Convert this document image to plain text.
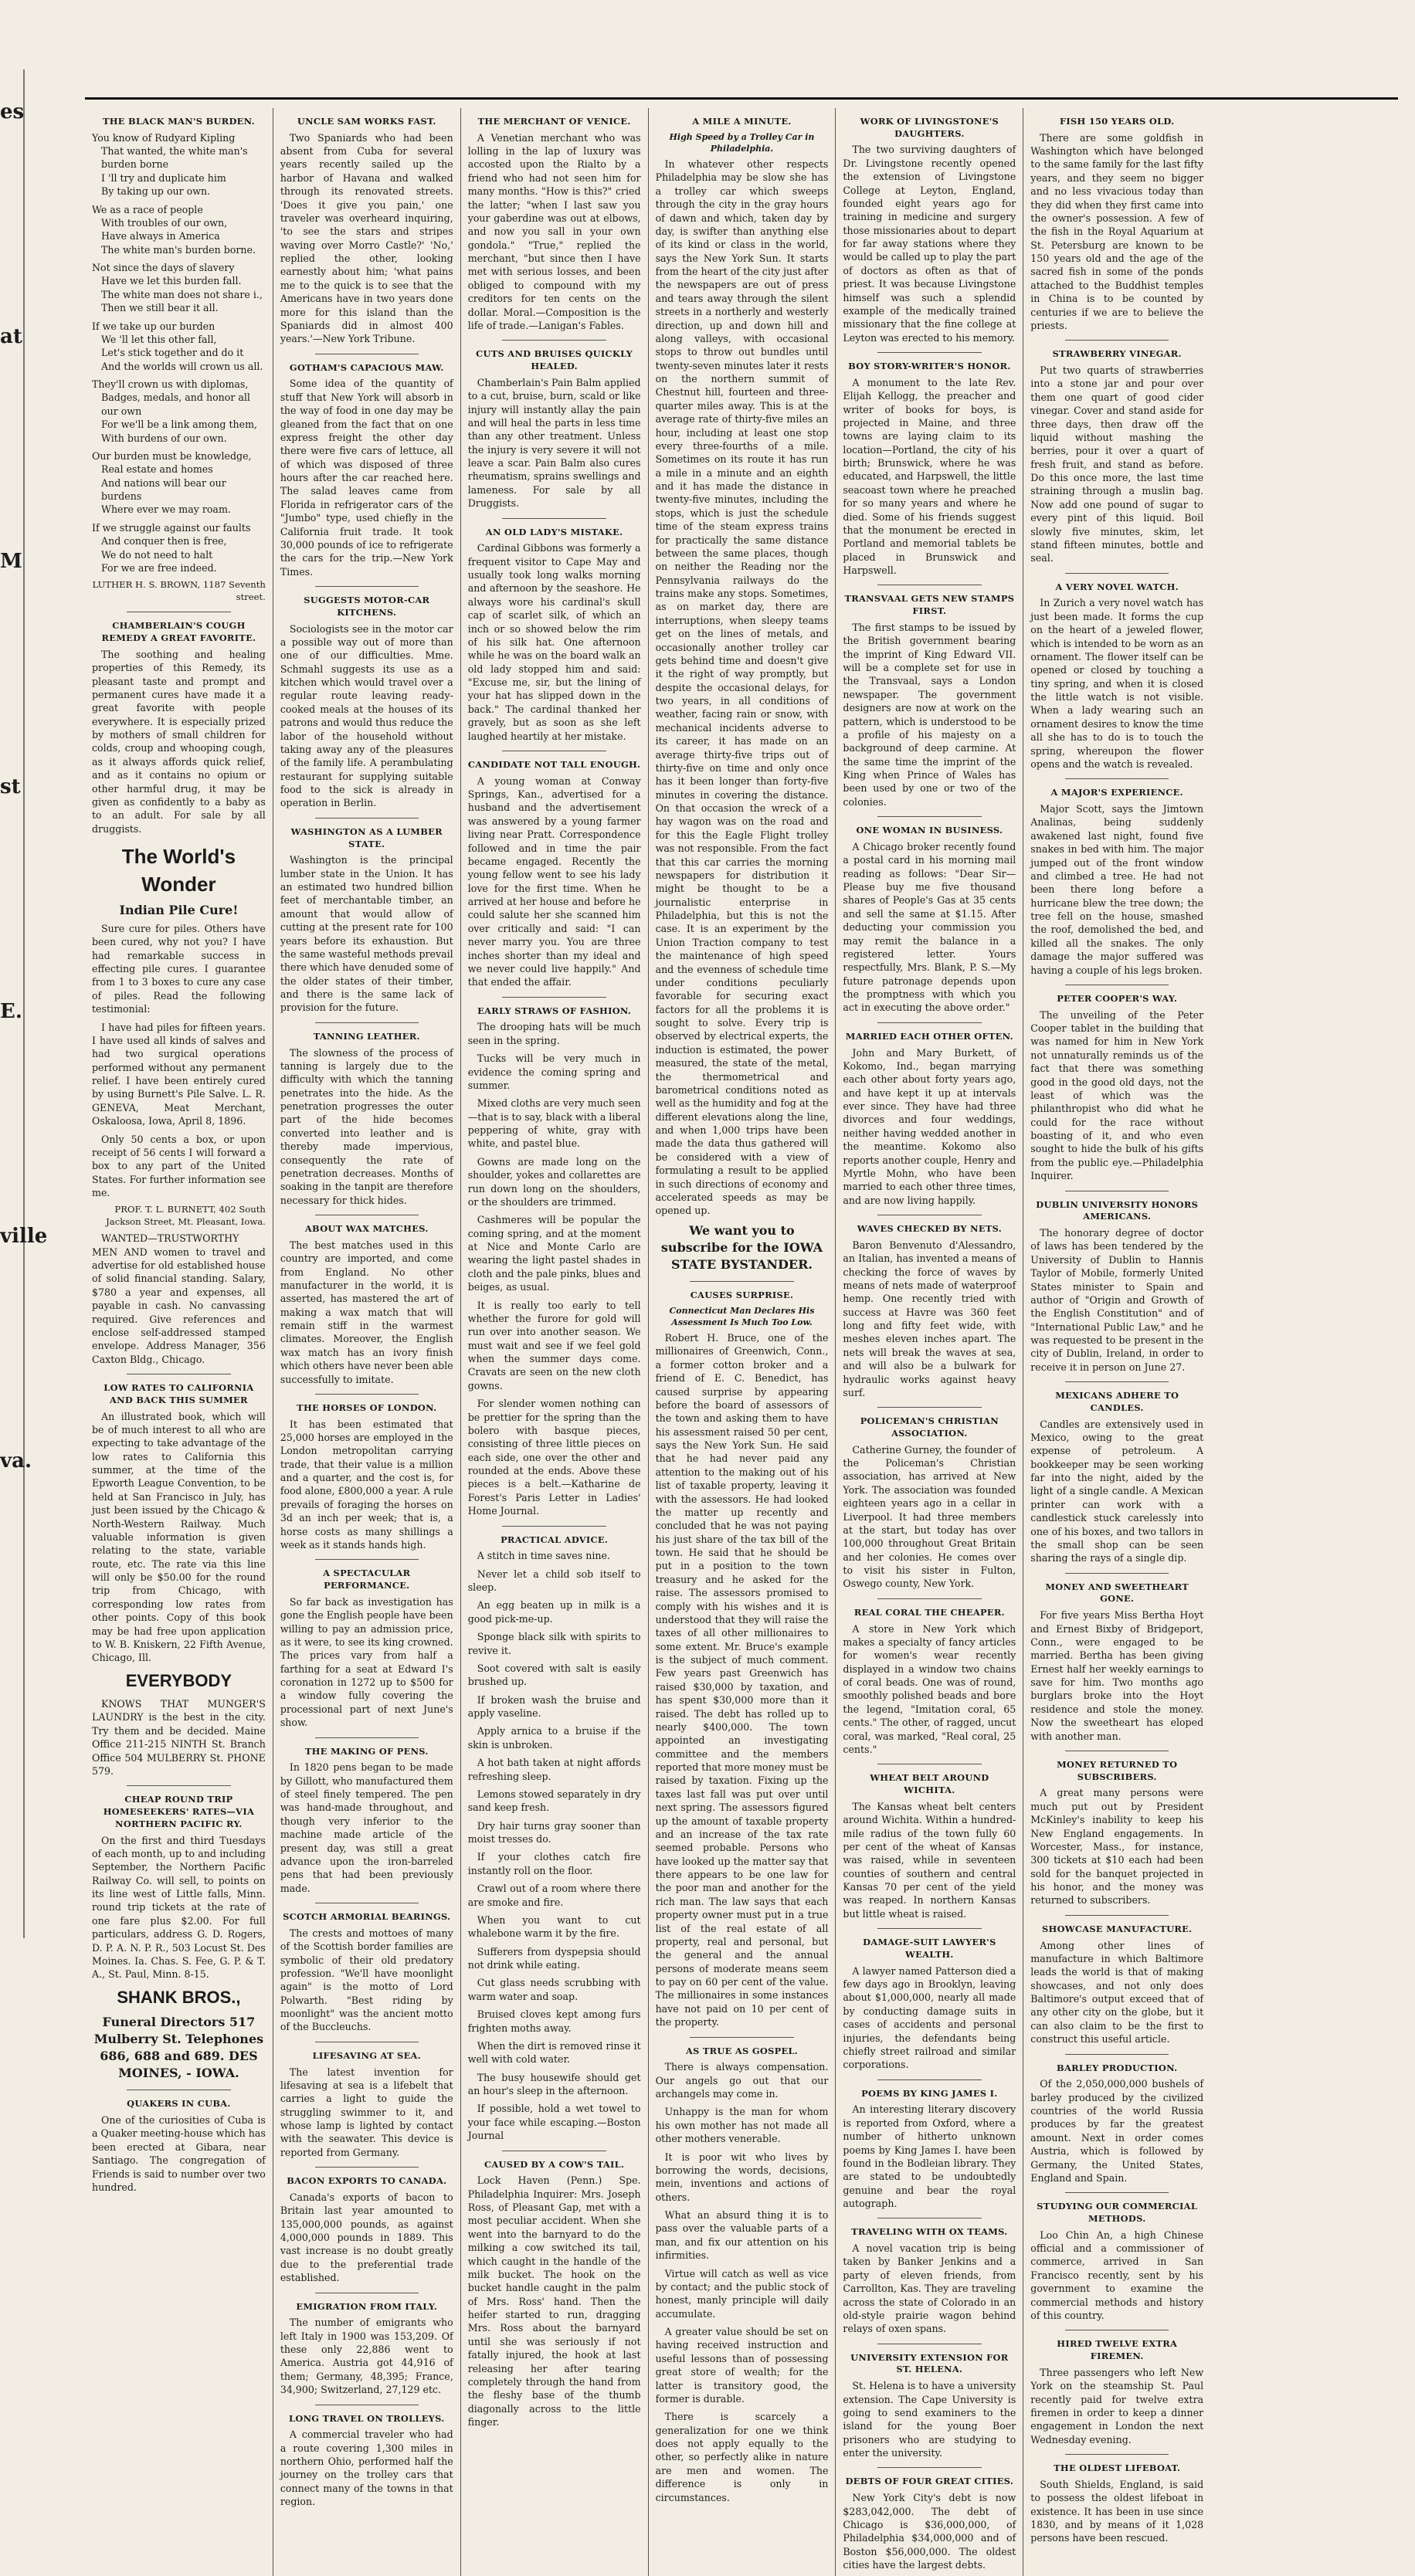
es
at
M
st
E.
ville
va.
THE BLACK MAN'S BURDEN.
You know of Rudyard Kipling
That wanted, the white man's burden borne
I 'll try and duplicate him
By taking up our own.
We as a race of people
With troubles of our own,
Have always in America
The white man's burden borne.
Not since the days of slavery
Have we let this burden fall.
The white man does not share i.,
Then we still bear it all.
If we take up our burden
We 'll let this other fall,
Let's stick together and do it
And the worlds will crown us all.
They'll crown us with diplomas,
Badges, medals, and honor all our own
For we'll be a link among them,
With burdens of our own.
Our burden must be knowledge,
Real estate and homes
And nations will bear our burdens
Where ever we may roam.
If we struggle against our faults
And conquer then is free,
We do not need to halt
For we are free indeed.
LUTHER H. S. BROWN, 1187 Seventh street.
CHAMBERLAIN'S COUGH REMEDY A GREAT FAVORITE.
The soothing and healing properties of this Remedy, its pleasant taste and prompt and permanent cures have made it a great favorite with people everywhere. It is especially prized by mothers of small children for colds, croup and whooping cough, as it always affords quick relief, and as it contains no opium or other harmful drug, it may be given as confidently to a baby as to an adult. For sale by all druggists.
The World's Wonder
Indian Pile Cure!
Sure cure for piles. Others have been cured, why not you? I have had remarkable success in effecting pile cures. I guarantee from 1 to 3 boxes to cure any case of piles. Read the following testimonial:
I have had piles for fifteen years. I have used all kinds of salves and had two surgical operations performed without any permanent relief. I have been entirely cured by using Burnett's Pile Salve. L. R. GENEVA, Meat Merchant, Oskaloosa, Iowa, April 8, 1896.
Only 50 cents a box, or upon receipt of 56 cents I will forward a box to any part of the United States. For further information see me.
PROF. T. L. BURNETT, 402 South Jackson Street, Mt. Pleasant, Iowa.
WANTED—TRUSTWORTHY MEN AND women to travel and advertise for old established house of solid financial standing. Salary, $780 a year and expenses, all payable in cash. No canvassing required. Give references and enclose self-addressed stamped envelope. Address Manager, 356 Caxton Bldg., Chicago.
LOW RATES TO CALIFORNIA AND BACK THIS SUMMER
An illustrated book, which will be of much interest to all who are expecting to take advantage of the low rates to California this summer, at the time of the Epworth League Convention, to be held at San Francisco in July, has just been issued by the Chicago & North-Western Railway. Much valuable information is given relating to the state, variable route, etc. The rate via this line will only be $50.00 for the round trip from Chicago, with corresponding low rates from other points. Copy of this book may be had free upon application to W. B. Kniskern, 22 Fifth Avenue, Chicago, Ill.
EVERYBODY
KNOWS THAT MUNGER'S LAUNDRY is the best in the city. Try them and be decided. Maine Office 211-215 NINTH St. Branch Office 504 MULBERRY St. PHONE 579.
CHEAP ROUND TRIP HOMESEEKERS' RATES—VIA NORTHERN PACIFIC RY.
On the first and third Tuesdays of each month, up to and including September, the Northern Pacific Railway Co. will sell, to points on its line west of Little falls, Minn. round trip tickets at the rate of one fare plus $2.00. For full particulars, address G. D. Rogers, D. P. A. N. P. R., 503 Locust St. Des Moines. Ia. Chas. S. Fee, G. P. & T. A., St. Paul, Minn. 8-15.
SHANK BROS.,
Funeral Directors 517 Mulberry St. Telephones 686, 688 and 689. DES MOINES, - IOWA.
QUAKERS IN CUBA.
One of the curiosities of Cuba is a Quaker meeting-house which has been erected at Gibara, near Santiago. The congregation of Friends is said to number over two hundred.
UNCLE SAM WORKS FAST.
Two Spaniards who had been absent from Cuba for several years recently sailed up the harbor of Havana and walked through its renovated streets. 'Does it give you pain,' one traveler was overheard inquiring, 'to see the stars and stripes waving over Morro Castle?' 'No,' replied the other, looking earnestly about him; 'what pains me to the quick is to see that the Americans have in two years done more for this island than the Spaniards did in almost 400 years.'—New York Tribune.
GOTHAM'S CAPACIOUS MAW.
Some idea of the quantity of stuff that New York will absorb in the way of food in one day may be gleaned from the fact that on one express freight the other day there were five cars of lettuce, all of which was disposed of three hours after the car reached here. The salad leaves came from Florida in refrigerator cars of the "Jumbo" type, used chiefly in the California fruit trade. It took 30,000 pounds of ice to refrigerate the cars for the trip.—New York Times.
SUGGESTS MOTOR-CAR KITCHENS.
Sociologists see in the motor car a possible way out of more than one of our difficulties. Mme. Schmahl suggests its use as a kitchen which would travel over a regular route leaving ready-cooked meals at the houses of its patrons and would thus reduce the labor of the household without taking away any of the pleasures of the family life. A perambulating restaurant for supplying suitable food to the sick is already in operation in Berlin.
WASHINGTON AS A LUMBER STATE.
Washington is the principal lumber state in the Union. It has an estimated two hundred billion feet of merchantable timber, an amount that would allow of cutting at the present rate for 100 years before its exhaustion. But the same wasteful methods prevail there which have denuded some of the older states of their timber, and there is the same lack of provision for the future.
TANNING LEATHER.
The slowness of the process of tanning is largely due to the difficulty with which the tanning penetrates into the hide. As the penetration progresses the outer part of the hide becomes converted into leather and is thereby made impervious, consequently the rate of penetration decreases. Months of soaking in the tanpit are therefore necessary for thick hides.
ABOUT WAX MATCHES.
The best matches used in this country are imported, and come from England. No other manufacturer in the world, it is asserted, has mastered the art of making a wax match that will remain stiff in the warmest climates. Moreover, the English wax match has an ivory finish which others have never been able successfully to imitate.
THE HORSES OF LONDON.
It has been estimated that 25,000 horses are employed in the London metropolitan carrying trade, that their value is a million and a quarter, and the cost is, for food alone, £800,000 a year. A rule prevails of foraging the horses on 3d an inch per week; that is, a horse costs as many shillings a week as it stands hands high.
A SPECTACULAR PERFORMANCE.
So far back as investigation has gone the English people have been willing to pay an admission price, as it were, to see its king crowned. The prices vary from half a farthing for a seat at Edward I's coronation in 1272 up to $500 for a window fully covering the processional part of next June's show.
THE MAKING OF PENS.
In 1820 pens began to be made by Gillott, who manufactured them of steel finely tempered. The pen was hand-made throughout, and though very inferior to the machine made article of the present day, was still a great advance upon the iron-barreled pens that had been previously made.
SCOTCH ARMORIAL BEARINGS.
The crests and mottoes of many of the Scottish border families are symbolic of their old predatory profession. "We'll have moonlight again" is the motto of Lord Polwarth. "Best riding by moonlight" was the ancient motto of the Buccleuchs.
LIFESAVING AT SEA.
The latest invention for lifesaving at sea is a lifebelt that carries a light to guide the struggling swimmer to it, and whose lamp is lighted by contact with the seawater. This device is reported from Germany.
BACON EXPORTS TO CANADA.
Canada's exports of bacon to Britain last year amounted to 135,000,000 pounds, as against 4,000,000 pounds in 1889. This vast increase is no doubt greatly due to the preferential trade established.
EMIGRATION FROM ITALY.
The number of emigrants who left Italy in 1900 was 153,209. Of these only 22,886 went to America. Austria got 44,916 of them; Germany, 48,395; France, 34,900; Switzerland, 27,129 etc.
LONG TRAVEL ON TROLLEYS.
A commercial traveler who had a route covering 1,300 miles in northern Ohio, performed half the journey on the trolley cars that connect many of the towns in that region.
THE MERCHANT OF VENICE.
A Venetian merchant who was lolling in the lap of luxury was accosted upon the Rialto by a friend who had not seen him for many months. "How is this?" cried the latter; "when I last saw you your gaberdine was out at elbows, and now you sall in your own gondola." "True," replied the merchant, "but since then I have met with serious losses, and been obliged to compound with my creditors for ten cents on the dollar. Moral.—Composition is the life of trade.—Lanigan's Fables.
CUTS AND BRUISES QUICKLY HEALED.
Chamberlain's Pain Balm applied to a cut, bruise, burn, scald or like injury will instantly allay the pain and will heal the parts in less time than any other treatment. Unless the injury is very severe it will not leave a scar. Pain Balm also cures rheumatism, sprains swellings and lameness. For sale by all Druggists.
AN OLD LADY'S MISTAKE.
Cardinal Gibbons was formerly a frequent visitor to Cape May and usually took long walks morning and afternoon by the seashore. He always wore his cardinal's skull cap of scarlet silk, of which an inch or so showed below the rim of his silk hat. One afternoon while he was on the board walk an old lady stopped him and said: "Excuse me, sir, but the lining of your hat has slipped down in the back." The cardinal thanked her gravely, but as soon as she left laughed heartily at her mistake.
CANDIDATE NOT TALL ENOUGH.
A young woman at Conway Springs, Kan., advertised for a husband and the advertisement was answered by a young farmer living near Pratt. Correspondence followed and in time the pair became engaged. Recently the young fellow went to see his lady love for the first time. When he arrived at her house and before he could salute her she scanned him over critically and said: "I can never marry you. You are three inches shorter than my ideal and we never could live happily." And that ended the affair.
EARLY STRAWS OF FASHION.
The drooping hats will be much seen in the spring.
Tucks will be very much in evidence the coming spring and summer.
Mixed cloths are very much seen—that is to say, black with a liberal peppering of white, gray with white, and pastel blue.
Gowns are made long on the shoulder, yokes and collarettes are run down long on the shoulders, or the shoulders are trimmed.
Cashmeres will be popular the coming spring, and at the moment at Nice and Monte Carlo are wearing the light pastel shades in cloth and the pale pinks, blues and beiges, as usual.
It is really too early to tell whether the furore for gold will run over into another season. We must wait and see if we feel gold when the summer days come. Cravats are seen on the new cloth gowns.
For slender women nothing can be prettier for the spring than the bolero with basque pieces, consisting of three little pieces on each side, one over the other and rounded at the ends. Above these pieces is a belt.—Katharine de Forest's Paris Letter in Ladies' Home Journal.
PRACTICAL ADVICE.
A stitch in time saves nine.
Never let a child sob itself to sleep.
An egg beaten up in milk is a good pick-me-up.
Sponge black silk with spirits to revive it.
Soot covered with salt is easily brushed up.
If broken wash the bruise and apply vaseline.
Apply arnica to a bruise if the skin is unbroken.
A hot bath taken at night affords refreshing sleep.
Lemons stowed separately in dry sand keep fresh.
Dry hair turns gray sooner than moist tresses do.
If your clothes catch fire instantly roll on the floor.
Crawl out of a room where there are smoke and fire.
When you want to cut whalebone warm it by the fire.
Sufferers from dyspepsia should not drink while eating.
Cut glass needs scrubbing with warm water and soap.
Bruised cloves kept among furs frighten moths away.
When the dirt is removed rinse it well with cold water.
The busy housewife should get an hour's sleep in the afternoon.
If possible, hold a wet towel to your face while escaping.—Boston Journal
CAUSED BY A COW'S TAIL.
Lock Haven (Penn.) Spe. Philadelphia Inquirer: Mrs. Joseph Ross, of Pleasant Gap, met with a most peculiar accident. When she went into the barnyard to do the milking a cow switched its tail, which caught in the handle of the milk bucket. The hook on the bucket handle caught in the palm of Mrs. Ross' hand. Then the heifer started to run, dragging Mrs. Ross about the barnyard until she was seriously if not fatally injured, the hook at last releasing her after tearing completely through the hand from the fleshy base of the thumb diagonally across to the little finger.
A MILE A MINUTE.
High Speed by a Trolley Car in Philadelphia.
In whatever other respects Philadelphia may be slow she has a trolley car which sweeps through the city in the gray hours of dawn and which, taken day by day, is swifter than anything else of its kind or class in the world, says the New York Sun. It starts from the heart of the city just after the newspapers are out of press and tears away through the silent streets in a northerly and westerly direction, up and down hill and along valleys, with occasional stops to throw out bundles until twenty-seven minutes later it rests on the northern summit of Chestnut hill, fourteen and three-quarter miles away. This is at the average rate of thirty-five miles an hour, including at least one stop every three-fourths of a mile. Sometimes on its route it has run a mile in a minute and an eighth and it has made the distance in twenty-five minutes, including the stops, which is just the schedule time of the steam express trains for practically the same distance between the same places, though on neither the Reading nor the Pennsylvania railways do the trains make any stops. Sometimes, as on market day, there are interruptions, when sleepy teams get on the lines of metals, and occasionally another trolley car gets behind time and doesn't give it the right of way promptly, but despite the occasional delays, for two years, in all conditions of weather, facing rain or snow, with mechanical incidents adverse to its career, it has made on an average thirty-five trips out of thirty-five on time and only once has it been longer than forty-five minutes in covering the distance. On that occasion the wreck of a hay wagon was on the road and for this the Eagle Flight trolley was not responsible. From the fact that this car carries the morning newspapers for distribution it might be thought to be a journalistic enterprise in Philadelphia, but this is not the case. It is an experiment by the Union Traction company to test the maintenance of high speed and the evenness of schedule time under conditions peculiarly favorable for securing exact factors for all the problems it is sought to solve. Every trip is observed by electrical experts, the induction is estimated, the power measured, the state of the metal, the thermometrical and barometrical conditions noted as well as the humidity and fog at the different elevations along the line, and when 1,000 trips have been made the data thus gathered will be considered with a view of formulating a result to be applied in such directions of economy and accelerated speeds as may be opened up.
We want you to subscribe for the IOWA STATE BYSTANDER.
CAUSES SURPRISE.
Connecticut Man Declares His Assessment Is Much Too Low.
Robert H. Bruce, one of the millionaires of Greenwich, Conn., a former cotton broker and a friend of E. C. Benedict, has caused surprise by appearing before the board of assessors of the town and asking them to have his assessment raised 50 per cent, says the New York Sun. He said that he had never paid any attention to the making out of his list of taxable property, leaving it with the assessors. He had looked the matter up recently and concluded that he was not paying his just share of the tax bill of the town. He said that he should be put in a position to the town treasury and he asked for the raise. The assessors promised to comply with his wishes and it is understood that they will raise the taxes of all other millionaires to some extent. Mr. Bruce's example is the subject of much comment. Few years past Greenwich has raised $30,000 by taxation, and has spent $30,000 more than it raised. The debt has rolled up to nearly $400,000. The town appointed an investigating committee and the members reported that more money must be raised by taxation. Fixing up the taxes last fall was put over until next spring. The assessors figured up the amount of taxable property and an increase of the tax rate seemed probable. Persons who have looked up the matter say that there appears to be one law for the poor man and another for the rich man. The law says that each property owner must put in a true list of the real estate of all property, real and personal, but the general and the annual persons of moderate means seem to pay on 60 per cent of the value. The millionaires in some instances have not paid on 10 per cent of the property.
AS TRUE AS GOSPEL.
There is always compensation. Our angels go out that our archangels may come in.
Unhappy is the man for whom his own mother has not made all other mothers venerable.
It is poor wit who lives by borrowing the words, decisions, mein, inventions and actions of others.
What an absurd thing it is to pass over the valuable parts of a man, and fix our attention on his infirmities.
Virtue will catch as well as vice by contact; and the public stock of honest, manly principle will daily accumulate.
A greater value should be set on having received instruction and useful lessons than of possessing great store of wealth; for the latter is transitory good, the former is durable.
There is scarcely a generalization for one we think does not apply equally to the other, so perfectly alike in nature are men and women. The difference is only in circumstances.
WORK OF LIVINGSTONE'S DAUGHTERS.
The two surviving daughters of Dr. Livingstone recently opened the extension of Livingstone College at Leyton, England, founded eight years ago for training in medicine and surgery those missionaries about to depart for far away stations where they would be called up to play the part of doctors as often as that of priest. It was because Livingstone himself was such a splendid example of the medically trained missionary that the fine college at Leyton was erected to his memory.
BOY STORY-WRITER'S HONOR.
A monument to the late Rev. Elijah Kellogg, the preacher and writer of books for boys, is projected in Maine, and three towns are laying claim to its location—Portland, the city of his birth; Brunswick, where he was educated, and Harpswell, the little seacoast town where he preached for so many years and where he died. Some of his friends suggest that the monument be erected in Portland and memorial tablets be placed in Brunswick and Harpswell.
TRANSVAAL GETS NEW STAMPS FIRST.
The first stamps to be issued by the British government bearing the imprint of King Edward VII. will be a complete set for use in the Transvaal, says a London newspaper. The government designers are now at work on the pattern, which is understood to be a profile of his majesty on a background of deep carmine. At the same time the imprint of the King when Prince of Wales has been used by one or two of the colonies.
ONE WOMAN IN BUSINESS.
A Chicago broker recently found a postal card in his morning mail reading as follows: "Dear Sir—Please buy me five thousand shares of People's Gas at 35 cents and sell the same at $1.15. After deducting your commission you may remit the balance in a registered letter. Yours respectfully, Mrs. Blank, P. S.—My future patronage depends upon the promptness with which you act in executing the above order."
MARRIED EACH OTHER OFTEN.
John and Mary Burkett, of Kokomo, Ind., began marrying each other about forty years ago, and have kept it up at intervals ever since. They have had three divorces and four weddings, neither having wedded another in the meantime. Kokomo also reports another couple, Henry and Myrtle Mohn, who have been married to each other three times, and are now living happily.
WAVES CHECKED BY NETS.
Baron Benvenuto d'Alessandro, an Italian, has invented a means of checking the force of waves by means of nets made of waterproof hemp. One recently tried with success at Havre was 360 feet long and fifty feet wide, with meshes eleven inches apart. The nets will break the waves at sea, and will also be a bulwark for hydraulic works against heavy surf.
POLICEMAN'S CHRISTIAN ASSOCIATION.
Catherine Gurney, the founder of the Policeman's Christian association, has arrived at New York. The association was founded eighteen years ago in a cellar in Liverpool. It had three members at the start, but today has over 100,000 throughout Great Britain and her colonies. He comes over to visit his sister in Fulton, Oswego county, New York.
REAL CORAL THE CHEAPER.
A store in New York which makes a specialty of fancy articles for women's wear recently displayed in a window two chains of coral beads. One was of round, smoothly polished beads and bore the legend, "Imitation coral, 65 cents." The other, of ragged, uncut coral, was marked, "Real coral, 25 cents."
WHEAT BELT AROUND WICHITA.
The Kansas wheat belt centers around Wichita. Within a hundred-mile radius of the town fully 60 per cent of the wheat of Kansas was raised, while in seventeen counties of southern and central Kansas 70 per cent of the yield was reaped. In northern Kansas but little wheat is raised.
DAMAGE-SUIT LAWYER'S WEALTH.
A lawyer named Patterson died a few days ago in Brooklyn, leaving about $1,000,000, nearly all made by conducting damage suits in cases of accidents and personal injuries, the defendants being chiefly street railroad and similar corporations.
POEMS BY KING JAMES I.
An interesting literary discovery is reported from Oxford, where a number of hitherto unknown poems by King James I. have been found in the Bodleian library. They are stated to be undoubtedly genuine and bear the royal autograph.
TRAVELING WITH OX TEAMS.
A novel vacation trip is being taken by Banker Jenkins and a party of eleven friends, from Carrollton, Kas. They are traveling across the state of Colorado in an old-style prairie wagon behind relays of oxen spans.
UNIVERSITY EXTENSION FOR ST. HELENA.
St. Helena is to have a university extension. The Cape University is going to send examiners to the island for the young Boer prisoners who are studying to enter the university.
DEBTS OF FOUR GREAT CITIES.
New York City's debt is now $283,042,000. The debt of Chicago is $36,000,000, of Philadelphia $34,000,000 and of Boston $56,000,000. The oldest cities have the largest debts.
FISH 150 YEARS OLD.
There are some goldfish in Washington which have belonged to the same family for the last fifty years, and they seem no bigger and no less vivacious today than they did when they first came into the owner's possession. A few of the fish in the Royal Aquarium at St. Petersburg are known to be 150 years old and the age of the sacred fish in some of the ponds attached to the Buddhist temples in China is to be counted by centuries if we are to believe the priests.
STRAWBERRY VINEGAR.
Put two quarts of strawberries into a stone jar and pour over them one quart of good cider vinegar. Cover and stand aside for three days, then draw off the liquid without mashing the berries, pour it over a quart of fresh fruit, and stand as before. Do this once more, the last time straining through a muslin bag. Now add one pound of sugar to every pint of this liquid. Boil slowly five minutes, skim, let stand fifteen minutes, bottle and seal.
A VERY NOVEL WATCH.
In Zurich a very novel watch has just been made. It forms the cup on the heart of a jeweled flower, which is intended to be worn as an ornament. The flower itself can be opened or closed by touching a tiny spring, and when it is closed the little watch is not visible. When a lady wearing such an ornament desires to know the time all she has to do is to touch the spring, whereupon the flower opens and the watch is revealed.
A MAJOR'S EXPERIENCE.
Major Scott, says the Jimtown Analinas, being suddenly awakened last night, found five snakes in bed with him. The major jumped out of the front window and climbed a tree. He had not been there long before a hurricane blew the tree down; the tree fell on the house, smashed the roof, demolished the bed, and killed all the snakes. The only damage the major suffered was having a couple of his legs broken.
PETER COOPER'S WAY.
The unveiling of the Peter Cooper tablet in the building that was named for him in New York not unnaturally reminds us of the fact that there was something good in the good old days, not the least of which was the philanthropist who did what he could for the race without boasting of it, and who even sought to hide the bulk of his gifts from the public eye.—Philadelphia Inquirer.
DUBLIN UNIVERSITY HONORS AMERICANS.
The honorary degree of doctor of laws has been tendered by the University of Dublin to Hannis Taylor of Mobile, formerly United States minister to Spain and author of "Origin and Growth of the English Constitution" and of "International Public Law," and he was requested to be present in the city of Dublin, Ireland, in order to receive it in person on June 27.
MEXICANS ADHERE TO CANDLES.
Candles are extensively used in Mexico, owing to the great expense of petroleum. A bookkeeper may be seen working far into the night, aided by the light of a single candle. A Mexican printer can work with a candlestick stuck carelessly into one of his boxes, and two tallors in the small shop can be seen sharing the rays of a single dip.
MONEY AND SWEETHEART GONE.
For five years Miss Bertha Hoyt and Ernest Bixby of Bridgeport, Conn., were engaged to be married. Bertha has been giving Ernest half her weekly earnings to save for him. Two months ago burglars broke into the Hoyt residence and stole the money. Now the sweetheart has eloped with another man.
MONEY RETURNED TO SUBSCRIBERS.
A great many persons were much put out by President McKinley's inability to keep his New England engagements. In Worcester, Mass., for instance, 300 tickets at $10 each had been sold for the banquet projected in his honor, and the money was returned to subscribers.
SHOWCASE MANUFACTURE.
Among other lines of manufacture in which Baltimore leads the world is that of making showcases, and not only does Baltimore's output exceed that of any other city on the globe, but it can also claim to be the first to construct this useful article.
BARLEY PRODUCTION.
Of the 2,050,000,000 bushels of barley produced by the civilized countries of the world Russia produces by far the greatest amount. Next in order comes Austria, which is followed by Germany, the United States, England and Spain.
STUDYING OUR COMMERCIAL METHODS.
Loo Chin An, a high Chinese official and a commissioner of commerce, arrived in San Francisco recently, sent by his government to examine the commercial methods and history of this country.
HIRED TWELVE EXTRA FIREMEN.
Three passengers who left New York on the steamship St. Paul recently paid for twelve extra firemen in order to keep a dinner engagement in London the next Wednesday evening.
THE OLDEST LIFEBOAT.
South Shields, England, is said to possess the oldest lifeboat in existence. It has been in use since 1830, and by means of it 1,028 persons have been rescued.
